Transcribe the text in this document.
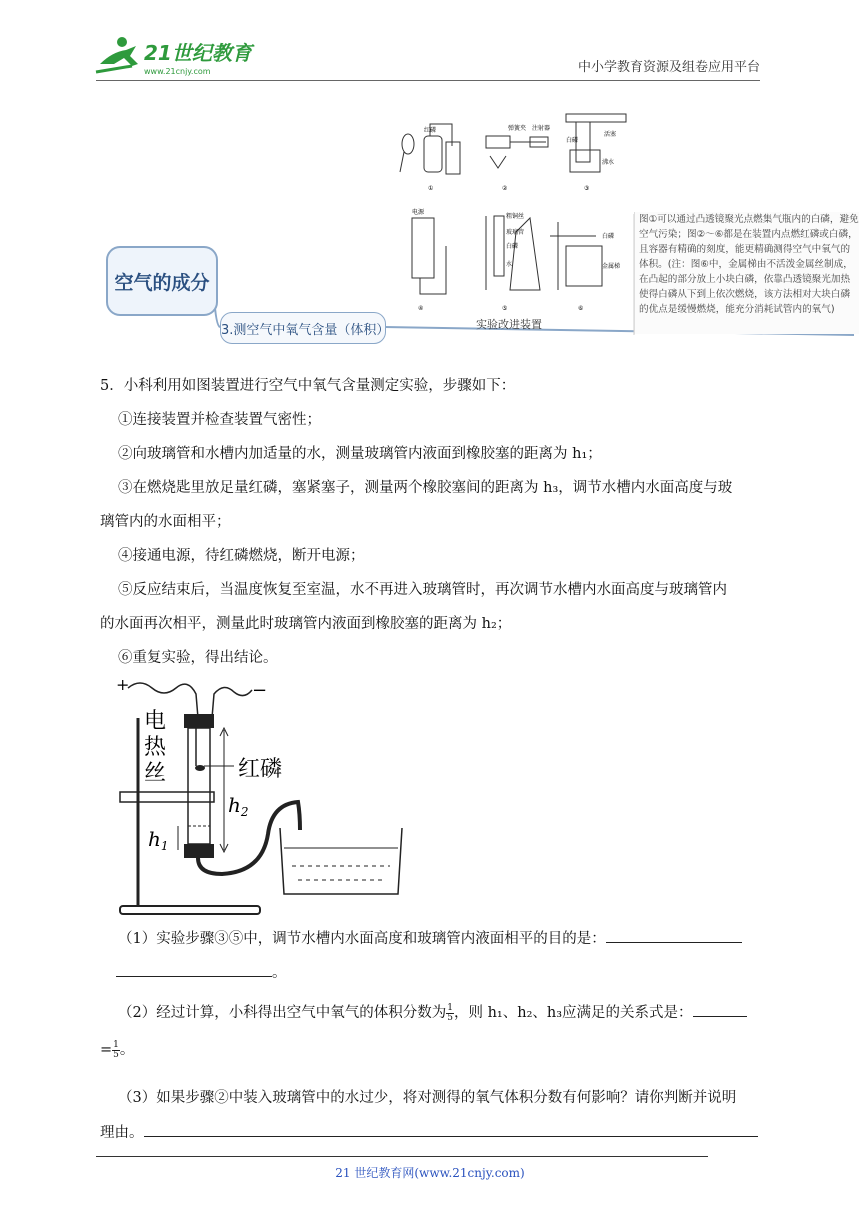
21世纪教育
www.21cnjy.com	中小学教育资源及组卷应用平台
空气的成分
3.测空气中氧气含量（体积）
①
红磷
②
弹簧夹 注射器
③
白磷
沸水
活塞
④
电源
⑤
粗铜丝
玻璃管
白磷
水
⑥
白磷
金属梯
实验改进装置
图①可以通过凸透镜聚光点燃集气瓶内的白磷，避免空气污染；图②～⑥都是在装置内点燃红磷或白磷，且容器有精确的刻度，能更精确测得空气中氧气的体积。(注：图⑥中，金属梯由不活泼金属丝制成，在凸起的部分放上小块白磷，依靠凸透镜聚光加热使得白磷从下到上依次燃烧，该方法相对大块白磷的优点是缓慢燃烧，能充分消耗试管内的氧气)
5．小科利用如图装置进行空气中氧气含量测定实验，步骤如下：
①连接装置并检查装置气密性；
②向玻璃管和水槽内加适量的水，测量玻璃管内液面到橡胶塞的距离为 h₁；
③在燃烧匙里放足量红磷，塞紧塞子，测量两个橡胶塞间的距离为 h₃，调节水槽内水面高度与玻
璃管内的水面相平；
④接通电源，待红磷燃烧，断开电源；
⑤反应结束后，当温度恢复至室温，水不再进入玻璃管时，再次调节水槽内水面高度与玻璃管内
的水面再次相平，测量此时玻璃管内液面到橡胶塞的距离为 h₂；
⑥重复实验，得出结论。
+	−
电
热
丝	红磷
$h_2$
$h_1$
（1）实验步骤③⑤中，调节水槽内水面高度和玻璃管内液面相平的目的是：
。
（2）经过计算，小科得出空气中氧气的体积分数为 $\frac{1}{5}$ ，则 h₁、h₂、h₃应满足的关系式是：
= $\frac{1}{5}$ 。
（3）如果步骤②中装入玻璃管中的水过少，将对测得的氧气体积分数有何影响？请你判断并说明
理由。
21 世纪教育网(www.21cnjy.com)
